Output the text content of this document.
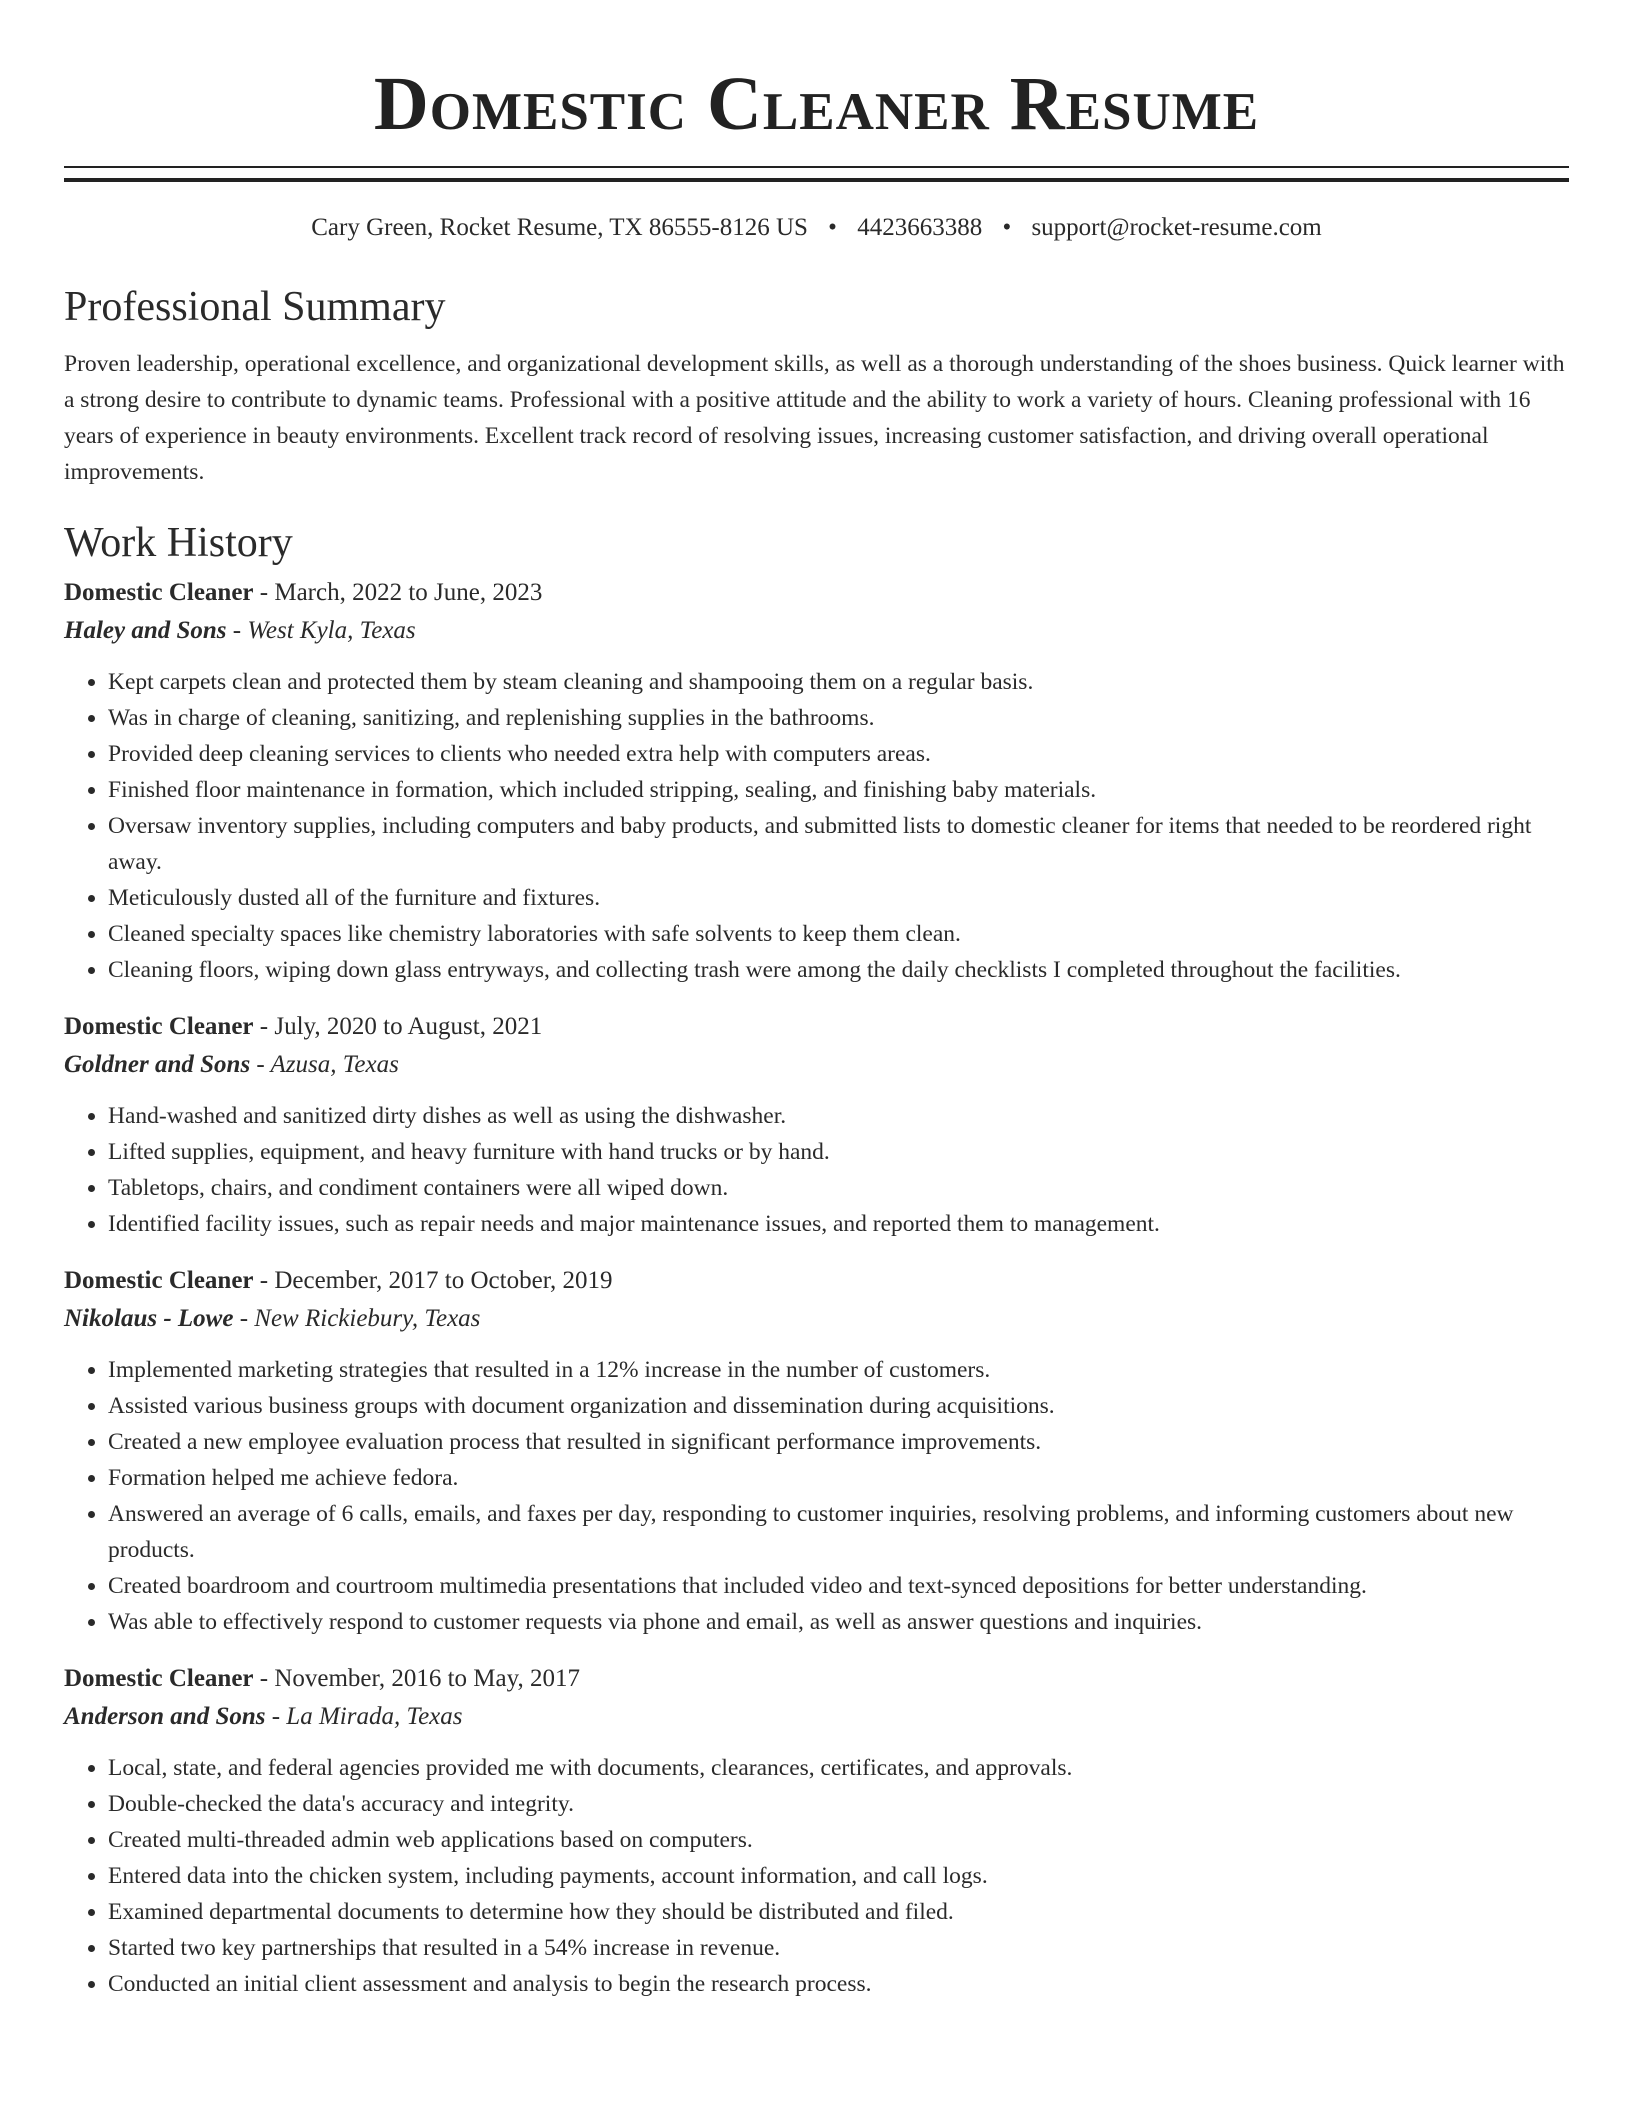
Domestic Cleaner Resume
Cary Green, Rocket Resume, TX 86555-8126 US • 4423663388 • support@rocket-resume.com
Professional Summary

Proven leadership, operational excellence, and organizational development skills, as well as a thorough understanding of the shoes business. Quick learner with a strong desire to contribute to dynamic teams. Professional with a positive attitude and the ability to work a variety of hours. Cleaning professional with 16 years of experience in beauty environments. Excellent track record of resolving issues, increasing customer satisfaction, and driving overall operational improvements.

Work History
Domestic Cleaner - March, 2022 to June, 2023
Haley and Sons - West Kyla, Texas
• Kept carpets clean and protected them by steam cleaning and shampooing them on a regular basis.
• Was in charge of cleaning, sanitizing, and replenishing supplies in the bathrooms.
• Provided deep cleaning services to clients who needed extra help with computers areas.
• Finished floor maintenance in formation, which included stripping, sealing, and finishing baby materials.
• Oversaw inventory supplies, including computers and baby products, and submitted lists to domestic cleaner for items that needed to be reordered right away.
• Meticulously dusted all of the furniture and fixtures.
• Cleaned specialty spaces like chemistry laboratories with safe solvents to keep them clean.
• Cleaning floors, wiping down glass entryways, and collecting trash were among the daily checklists I completed throughout the facilities.
Domestic Cleaner - July, 2020 to August, 2021
Goldner and Sons - Azusa, Texas
• Hand-washed and sanitized dirty dishes as well as using the dishwasher.
• Lifted supplies, equipment, and heavy furniture with hand trucks or by hand.
• Tabletops, chairs, and condiment containers were all wiped down.
• Identified facility issues, such as repair needs and major maintenance issues, and reported them to management.
Domestic Cleaner - December, 2017 to October, 2019
Nikolaus - Lowe - New Rickiebury, Texas
• Implemented marketing strategies that resulted in a 12% increase in the number of customers.
• Assisted various business groups with document organization and dissemination during acquisitions.
• Created a new employee evaluation process that resulted in significant performance improvements.
• Formation helped me achieve fedora.
• Answered an average of 6 calls, emails, and faxes per day, responding to customer inquiries, resolving problems, and informing customers about new products.
• Created boardroom and courtroom multimedia presentations that included video and text-synced depositions for better understanding.
• Was able to effectively respond to customer requests via phone and email, as well as answer questions and inquiries.
Domestic Cleaner - November, 2016 to May, 2017
Anderson and Sons - La Mirada, Texas
• Local, state, and federal agencies provided me with documents, clearances, certificates, and approvals.
• Double-checked the data's accuracy and integrity.
• Created multi-threaded admin web applications based on computers.
• Entered data into the chicken system, including payments, account information, and call logs.
• Examined departmental documents to determine how they should be distributed and filed.
• Started two key partnerships that resulted in a 54% increase in revenue.
• Conducted an initial client assessment and analysis to begin the research process.
